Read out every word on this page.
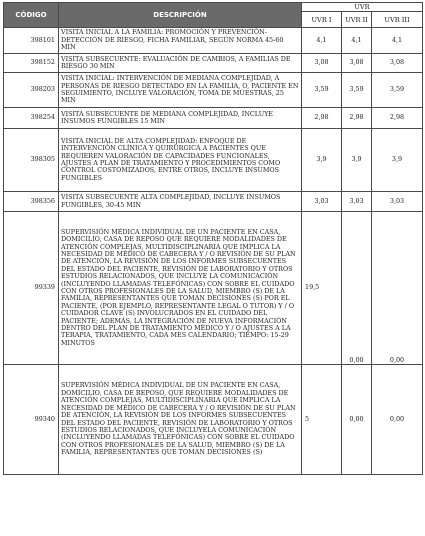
CÓDIGO	DESCRIPCIÓN	UVR		
		UVR I	UVR II	UVR III
398101	VISITA INICIAL A LA FAMILIA: PROMOCIÓN Y PREVENCIÓN-DETECCIÓN DE RIESGO, FICHA FAMILIAR, SEGÚN NORMA 45-60 MIN	4,1	4,1	4,1
398152	VISITA SUBSECUENTE: EVALUACIÓN DE CAMBIOS, A FAMILIAS DE RIESGO 30 MIN	3,08	3,08	3,08
398203	VISITA INICIAL: INTERVENCIÓN DE MEDIANA COMPLEJIDAD, A PERSONAS DE RIESGO DETECTADO EN LA FAMILIA, O, PACIENTE EN SEGUIMIENTO, INCLUYE VALORACIÓN, TOMA DE MUESTRAS, 25 MIN	3,59	3,59	3,59
398254	VISITA SUBSECUENTE DE MEDIANA COMPLEJIDAD, INCLUYE INSUMOS FUNGIBLES 15 MIN	2,98	2,98	2,98
398305	VISITA INICIAL DE ALTA COMPLEJIDAD: ENFOQUE DE INTERVENCIÓN CLÍNICA Y QUIRÚRGICA A PACIENTES QUE REQUIEREN VALORACIÓN DE CAPACIDADES FUNCIONALES, AJUSTES A PLAN DE TRATAMIENTO Y PROCEDIMIENTOS COMO CONTROL COSTOMIZADOS, ENTRE OTROS, INCLUYE INSUMOS FUNGIBLES	3,9	3,9	3,9
398356	VISITA SUBSECUENTE ALTA COMPLEJIDAD, INCLUYE INSUMOS FUNGIBLES, 30-45 MIN	3,03	3,03	3,03
99339	SUPERVISIÓN MÉDICA INDIVIDUAL DE UN PACIENTE EN CASA, DOMICILIO, CASA DE REPOSO QUE REQUIERE MODALIDADES DE ATENCIÓN COMPLEJAS, MULTIDISCIPLINARIA QUE IMPLICA LA NECESIDAD DE MÉDICO DE CABECERA Y / O REVISIÓN DE SU PLAN DE ATENCIÓN, LA REVISIÓN DE LOS INFORMES SUBSECUENTES DEL ESTADO DEL PACIENTE, REVISIÓN DE LABORATORIO Y OTROS ESTUDIOS RELACIONADOS, QUE INCLUYE LA COMUNICACIÓN (INCLUYENDO LLAMADAS TELEFÓNICAS) CON SOBRE EL CUIDADO CON OTROS PROFESIONALES DE LA SALUD, MIEMBRO (S) DE LA FAMILIA, REPRESENTANTES QUE TOMAN DECISIONES (S) POR EL PACIENTE, (POR EJEMPLO, REPRESENTANTE LEGAL O TUTOR) Y / O CUIDADOR CLAVE (S) INVOLUCRADOS EN EL CUIDADO DEL PACIENTE; ADEMÁS, LA INTEGRACIÓN DE NUEVA INFORMACIÓN DENTRO DEL PLAN DE TRATAMIENTO MÉDICO Y / O AJUSTES A LA TERAPIA, TRATAMIENTO, CADA MES CALENDARIO; TIEMPO: 15-29 MINUTOS	19,5	0,00	0,00
99340	SUPERVISIÓN MÉDICA INDIVIDUAL DE UN PACIENTE EN CASA, DOMICILIO, CASA DE REPOSO, QUE REQUIERE MODALIDADES DE ATENCIÓN COMPLEJAS, MULTIDISCIPLINARIA QUE IMPLICA LA NECESIDAD DE MÉDICO DE CABECERA Y / O REVISIÓN DE SU PLAN DE ATENCIÓN, LA REVISIÓN DE LOS INFORMES SUBSECUENTES DEL ESTADO DEL PACIENTE, REVISIÓN DE LABORATORIO Y OTROS ESTUDIOS RELACIONADOS, QUE INCLUYELA COMUNICACIÓN (INCLUYENDO LLAMADAS TELEFÓNICAS) CON SOBRE EL CUIDADO CON OTROS PROFESIONALES DE LA SALUD, MIEMBRO (S) DE LA FAMILIA, REPRESENTANTES QUE TOMAN DECISIONES (S)	5	0,00	0,00
